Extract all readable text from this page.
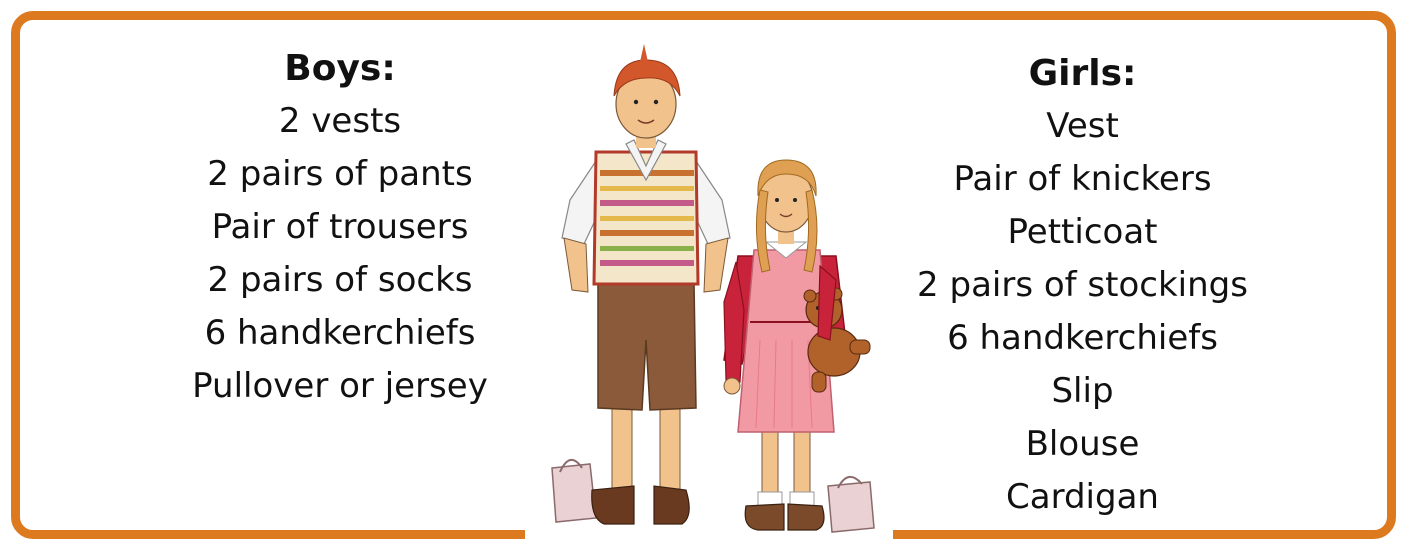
Boys:

2 vests
2 pairs of pants
Pair of trousers
2 pairs of socks
6 handkerchiefs
Pullover or jersey

Girls:

Vest
Pair of knickers
Petticoat
2 pairs of stockings
6 handkerchiefs
Slip
Blouse
Cardigan
